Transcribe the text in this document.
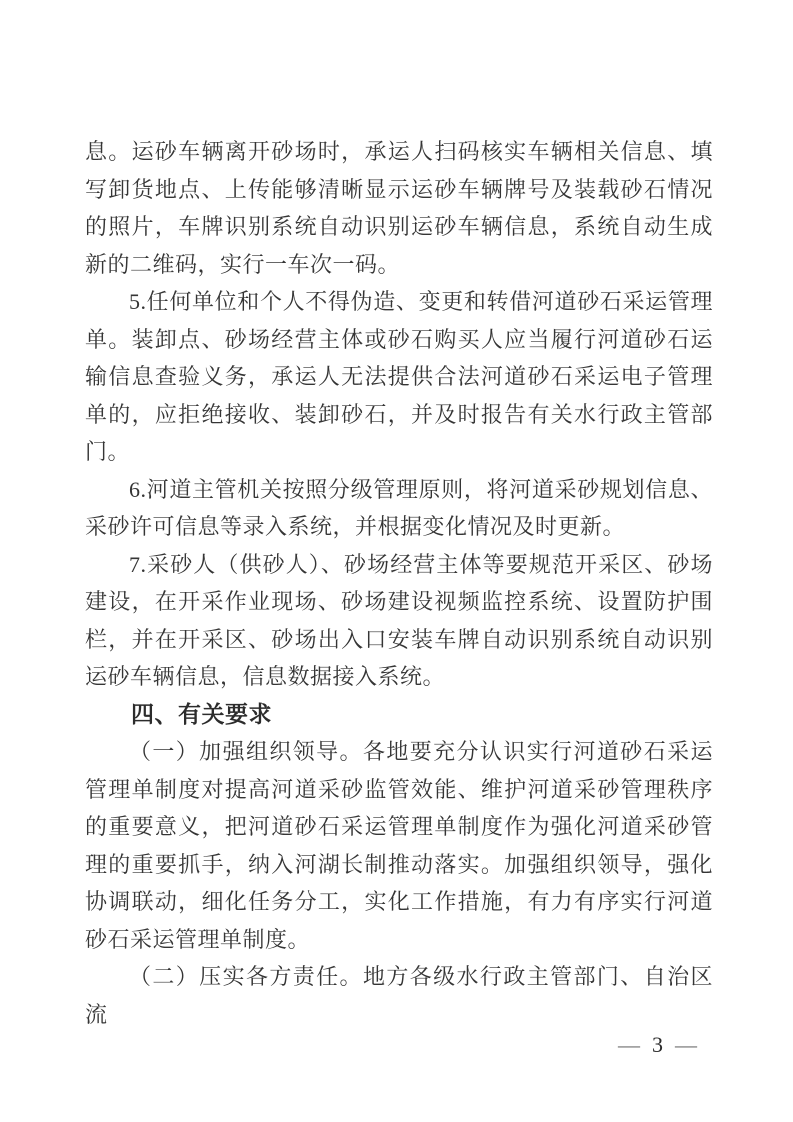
息。运砂车辆离开砂场时，承运人扫码核实车辆相关信息、填写卸货地点、上传能够清晰显示运砂车辆牌号及装载砂石情况的照片，车牌识别系统自动识别运砂车辆信息，系统自动生成新的二维码，实行一车次一码。

5.任何单位和个人不得伪造、变更和转借河道砂石采运管理单。装卸点、砂场经营主体或砂石购买人应当履行河道砂石运输信息查验义务，承运人无法提供合法河道砂石采运电子管理单的，应拒绝接收、装卸砂石，并及时报告有关水行政主管部门。

6.河道主管机关按照分级管理原则，将河道采砂规划信息、采砂许可信息等录入系统，并根据变化情况及时更新。

7.采砂人（供砂人）、砂场经营主体等要规范开采区、砂场建设，在开采作业现场、砂场建设视频监控系统、设置防护围栏，并在开采区、砂场出入口安装车牌自动识别系统自动识别运砂车辆信息，信息数据接入系统。

四、有关要求

（一）加强组织领导。各地要充分认识实行河道砂石采运管理单制度对提高河道采砂监管效能、维护河道采砂管理秩序的重要意义，把河道砂石采运管理单制度作为强化河道采砂管理的重要抓手，纳入河湖长制推动落实。加强组织领导，强化协调联动，细化任务分工，实化工作措施，有力有序实行河道砂石采运管理单制度。

（二）压实各方责任。地方各级水行政主管部门、自治区流

— 3 —
